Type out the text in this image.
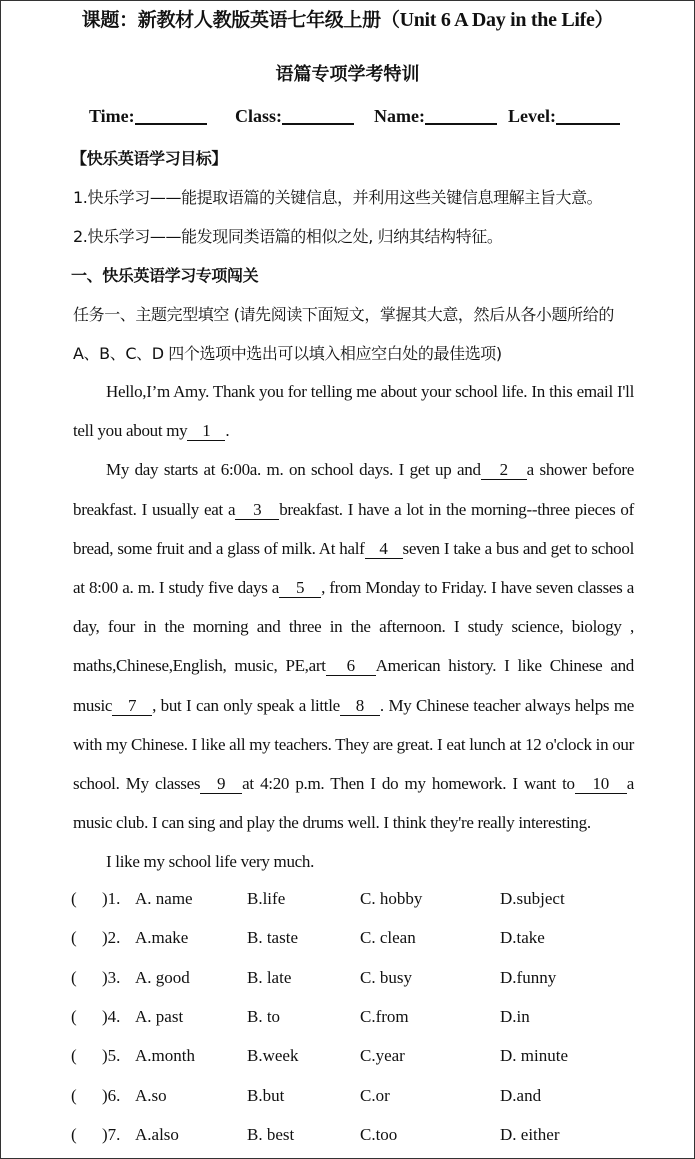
课题：新教材人教版英语七年级上册（Unit 6 A Day in the Life）
语篇专项学考特训
Time:	Class:	Name:	Level:
【快乐英语学习目标】
1.快乐学习——能提取语篇的关键信息，并利用这些关键信息理解主旨大意。
2.快乐学习——能发现同类语篇的相似之处, 归纳其结构特征。
一、快乐英语学习专项闯关
任务一、主题完型填空 (请先阅读下面短文，掌握其大意，然后从各小题所给的
A、B、C、D 四个选项中选出可以填入相应空白处的最佳选项)

Hello,I’m Amy. Thank you for telling me about your school life. In this email I'll tell you about my 1 .

My day starts at 6:00a. m. on school days. I get up and 2 a shower before breakfast. I usually eat a 3 breakfast. I have a lot in the morning--three pieces of bread, some fruit and a glass of milk. At half 4 seven I take a bus and get to school at 8:00 a. m. I study five days a 5 , from Monday to Friday. I have seven classes a day, four in the morning and three in the afternoon. I study science, biology , maths,Chinese,English, music, PE,art 6 American history. I like Chinese and music 7 , but I can only speak a little 8 . My Chinese teacher always helps me with my Chinese. I like all my teachers. They are great. I eat lunch at 12 o'clock in our school. My classes 9 at 4:20 p.m. Then I do my homework. I want to 10 a music club. I can sing and play the drums well. I think they're really interesting.

I like my school life very much.

( )1. A. name	B.life	C. hobby	D.subject
( )2. A.make	B. taste	C. clean	D.take
( )3. A. good	B. late	C. busy	D.funny
( )4. A. past	B. to	C.from	D.in
( )5. A.month	B.week	C.year	D. minute
( )6. A.so	B.but	C.or	D.and
( )7. A.also	B. best	C.too	D. either
